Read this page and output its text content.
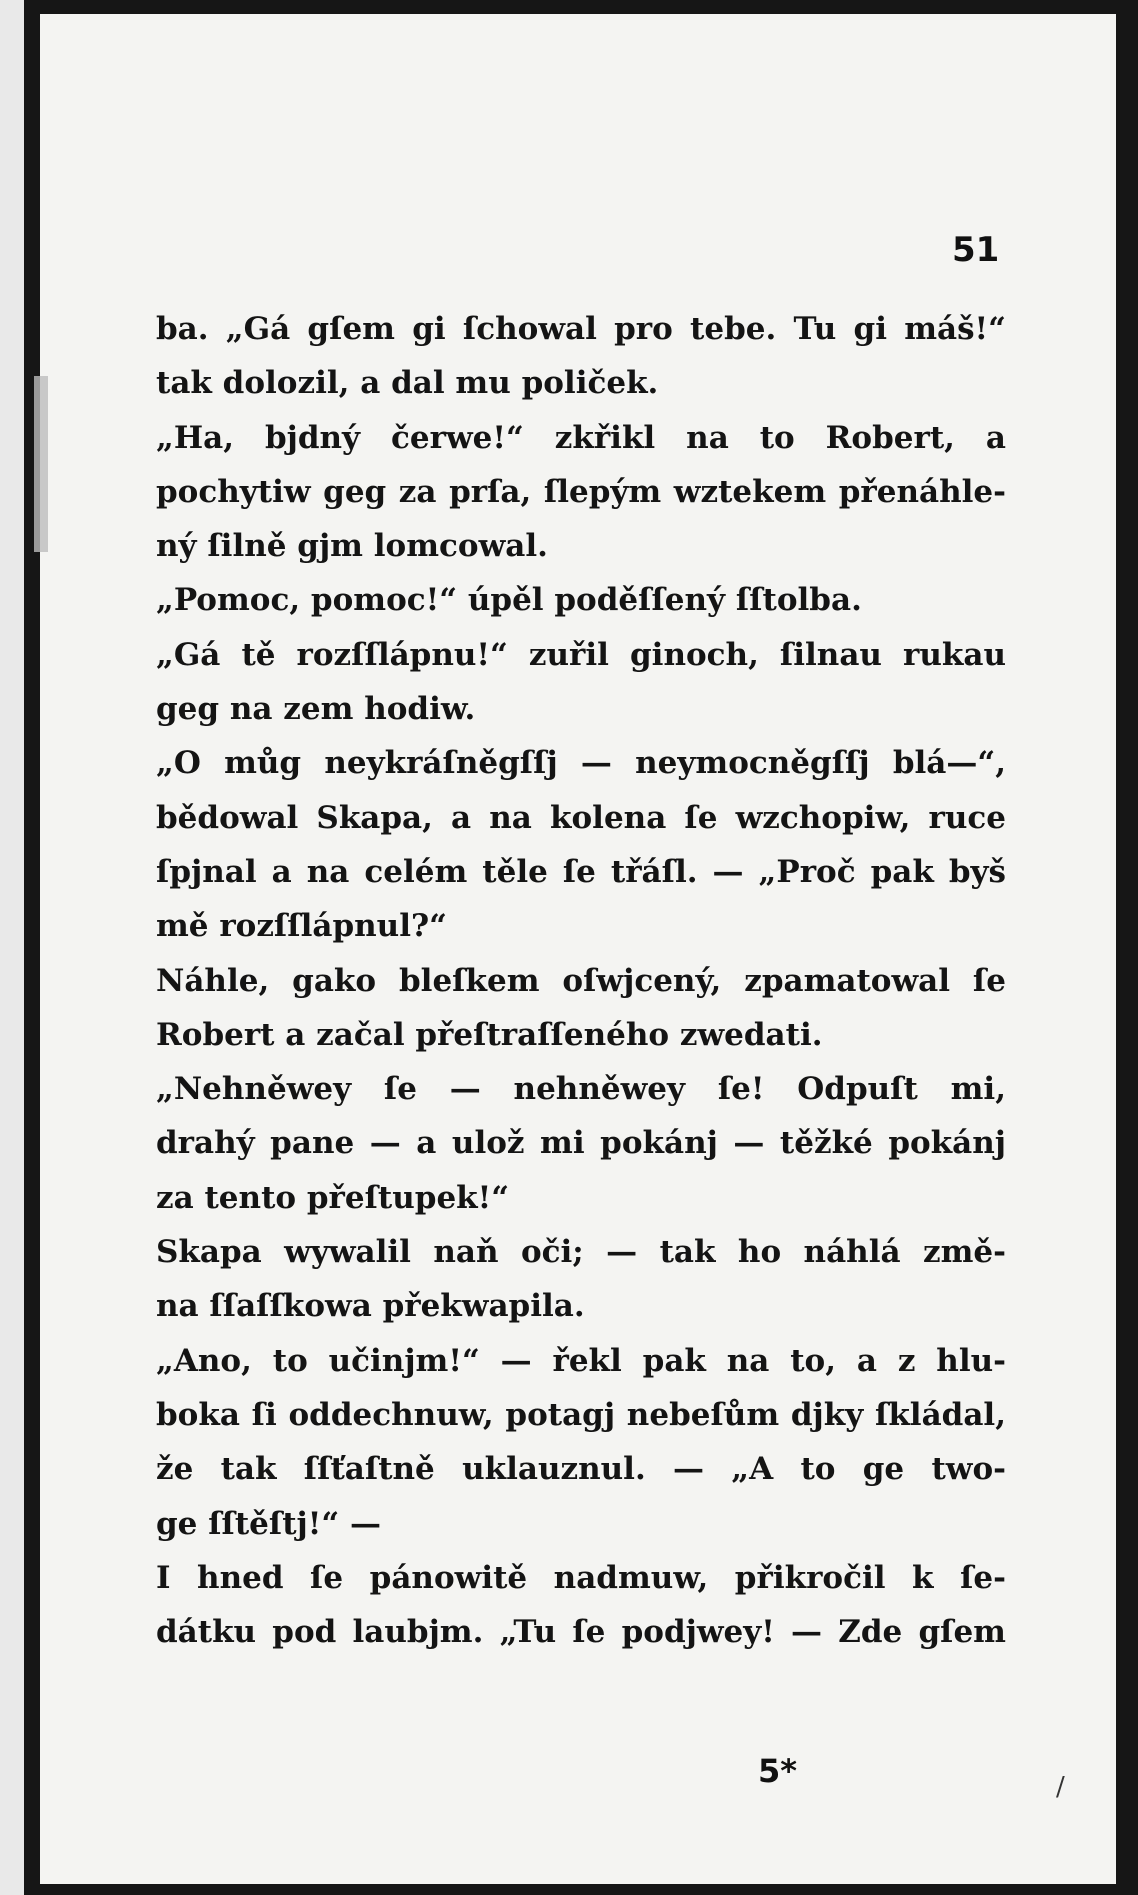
51
ba. „Gá gſem gi ſchowal pro tebe. Tu gi máš!“
tak dolozil, a dal mu poliček.
„Ha, bjdný čerwe!“ zkřikl na to Robert, a
pochytiw geg za prſa, ſlepým wztekem přenáhle-
ný ſilně gjm lomcowal.
„Pomoc, pomoc!“ úpěl poděſſený ſſtolba.
„Gá tě rozſſlápnu!“ zuřil ginoch, ſilnau rukau
geg na zem hodiw.
„O můg neykráſněgſſj — neymocněgſſj blá—“,
bědowal Skapa, a na kolena ſe wzchopiw, ruce
ſpjnal a na celém těle ſe třáſl. — „Proč pak byš
mě rozſſlápnul?“
Náhle, gako bleſkem oſwjcený, zpamatowal ſe
Robert a začal přeſtraſſeného zwedati.
„Nehněwey ſe — nehněwey ſe! Odpuſt mi,
drahý pane — a ulož mi pokánj — těžké pokánj
za tento přeſtupek!“
Skapa wywalil naň oči; — tak ho náhlá změ-
na ſſaſſkowa překwapila.
„Ano, to učinjm!“ — řekl pak na to, a z hlu-
boka ſi oddechnuw, potagj nebeſům djky ſkládal,
že tak ſſťaſtně uklauznul. — „A to ge two-
ge ſſtěſtj!“ —
I hned ſe pánowitě nadmuw, přikročil k ſe-
dátku pod laubjm. „Tu ſe podjwey! — Zde gſem
5*	/
